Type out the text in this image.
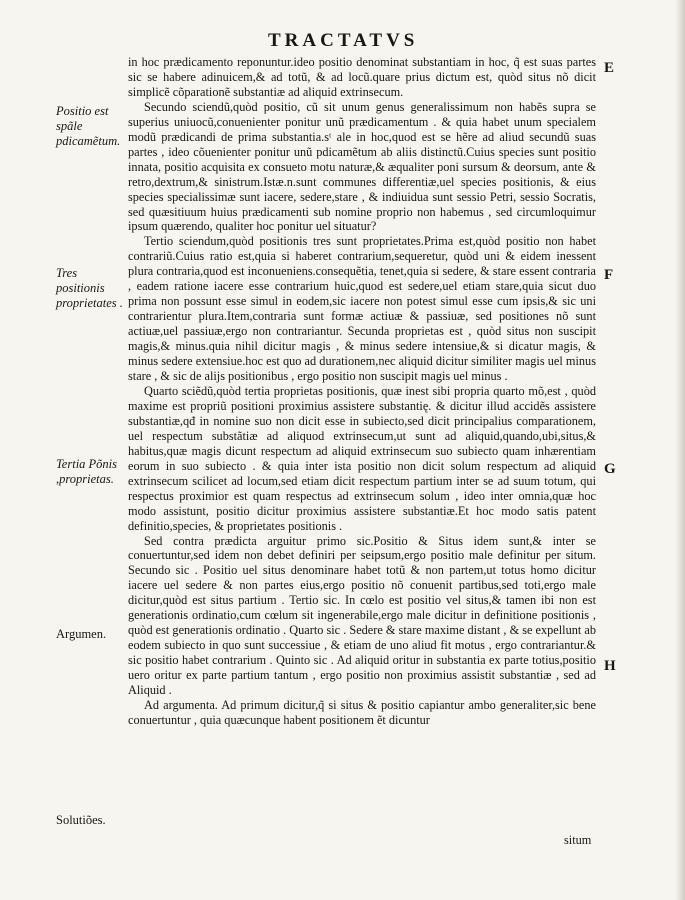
TRACTATVS

in hoc prædicamento reponuntur.ideo positio denominat substantiam in hoc, q̃ est suas partes sic se habere adinuicem,& ad totũ, & ad locũ.quare prius dictum est, quòd situs nõ dicit simplicẽ cõparationẽ substantiæ ad aliquid extrinsecum.

Secundo sciendũ,quòd positio, cũ sit unum genus generalissimum non habẽs supra se superius uniuocũ,conuenienter ponitur unũ prædicamentum . & quia habet unum specialem modũ prædicandi de prima substantia.sᵗ ale in hoc,quod est se hẽre ad aliud secundũ suas partes , ideo cõuenienter ponitur unũ pdicamẽtum ab aliis distinctũ.Cuius species sunt positio innata, positio acquisita ex consueto motu naturæ,& æqualiter poni sursum & deorsum, ante & retro,dextrum,& sinistrum.Istæ.n.sunt communes differentiæ,uel species positionis, & eius species specialissimæ sunt iacere, sedere,stare , & indiuidua sunt sessio Petri, sessio Socratis, sed quæsitiuum huius prædicamenti sub nomine proprio non habemus , sed circumloquimur ipsum quærendo, qualiter hoc ponitur uel situatur?

Tertio sciendum,quòd positionis tres sunt proprietates.Prima est,quòd positio non habet contrariũ.Cuius ratio est,quia si haberet contrarium,sequeretur, quòd uni & eidem inessent plura contraria,quod est inconueniens.consequẽtia, tenet,quia si sedere, & stare essent contraria , eadem ratione iacere esse contrarium huic,quod est sedere,uel etiam stare,quia sicut duo prima non possunt esse simul in eodem,sic iacere non potest simul esse cum ipsis,& sic uni contrarientur plura.Item,contraria sunt formæ actiuæ & passiuæ, sed positiones nõ sunt actiuæ,uel passiuæ,ergo non contrariantur. Secunda proprietas est , quòd situs non suscipit magis,& minus.quia nihil dicitur magis , & minus sedere intensiue,& si dicatur magis, & minus sedere extensiue.hoc est quo ad durationem,nec aliquid dicitur similiter magis uel minus stare , & sic de alijs positionibus , ergo positio non suscipit magis uel minus .

Quarto sciẽdũ,quòd tertia proprietas positionis, quæ inest sibi propria quarto mõ,est , quòd maxime est propriũ positioni proximius assistere substantię. & dicitur illud accidẽs assistere substantiæ,qđ in nomine suo non dicit esse in subiecto,sed dicit principalius comparationem, uel respectum substãtiæ ad aliquod extrinsecum,ut sunt ad aliquid,quando,ubi,situs,& habitus,quæ magis dicunt respectum ad aliquid extrinsecum suo subiecto quam inhærentiam eorum in suo subiecto . & quia inter ista positio non dicit solum respectum ad aliquid extrinsecum scilicet ad locum,sed etiam dicit respectum partium inter se ad suum totum, qui respectus proximior est quam respectus ad extrinsecum solum , ideo inter omnia,quæ hoc modo assistunt, positio dicitur proximius assistere substantiæ.Et hoc modo satis patent definitio,species, & proprietates positionis .

Sed contra prædicta arguitur primo sic.Positio & Situs idem sunt,& inter se conuertuntur,sed idem non debet definiri per seipsum,ergo positio male definitur per situm. Secundo sic . Positio uel situs denominare habet totũ & non partem,ut totus homo dicitur iacere uel sedere & non partes eius,ergo positio nõ conuenit partibus,sed toti,ergo male dicitur,quòd est situs partium . Tertio sic. In cœlo est positio vel situs,& tamen ibi non est generationis ordinatio,cum cœlum sit ingenerabile,ergo male dicitur in definitione positionis , quòd est generationis ordinatio . Quarto sic . Sedere & stare maxime distant , & se expellunt ab eodem subiecto in quo sunt successiue , & etiam de uno aliud fit motus , ergo contrariantur.& sic positio habet contrarium . Quinto sic . Ad aliquid oritur in substantia ex parte totius,positio uero oritur ex parte partium tantum , ergo positio non proximius assistit substantiæ , sed ad Aliquid .

Ad argumenta. Ad primum dicitur,q̃ si situs & positio capiantur ambo generaliter,sic bene conuertuntur , quia quæcunque habent positionem ẽt dicuntur

Positio est spãle pdicamẽtum.
Tres positionis proprietates .
Tertia Põnis ,proprietas.
Argumen.
Solutiões.
E
F
G
H
situm
